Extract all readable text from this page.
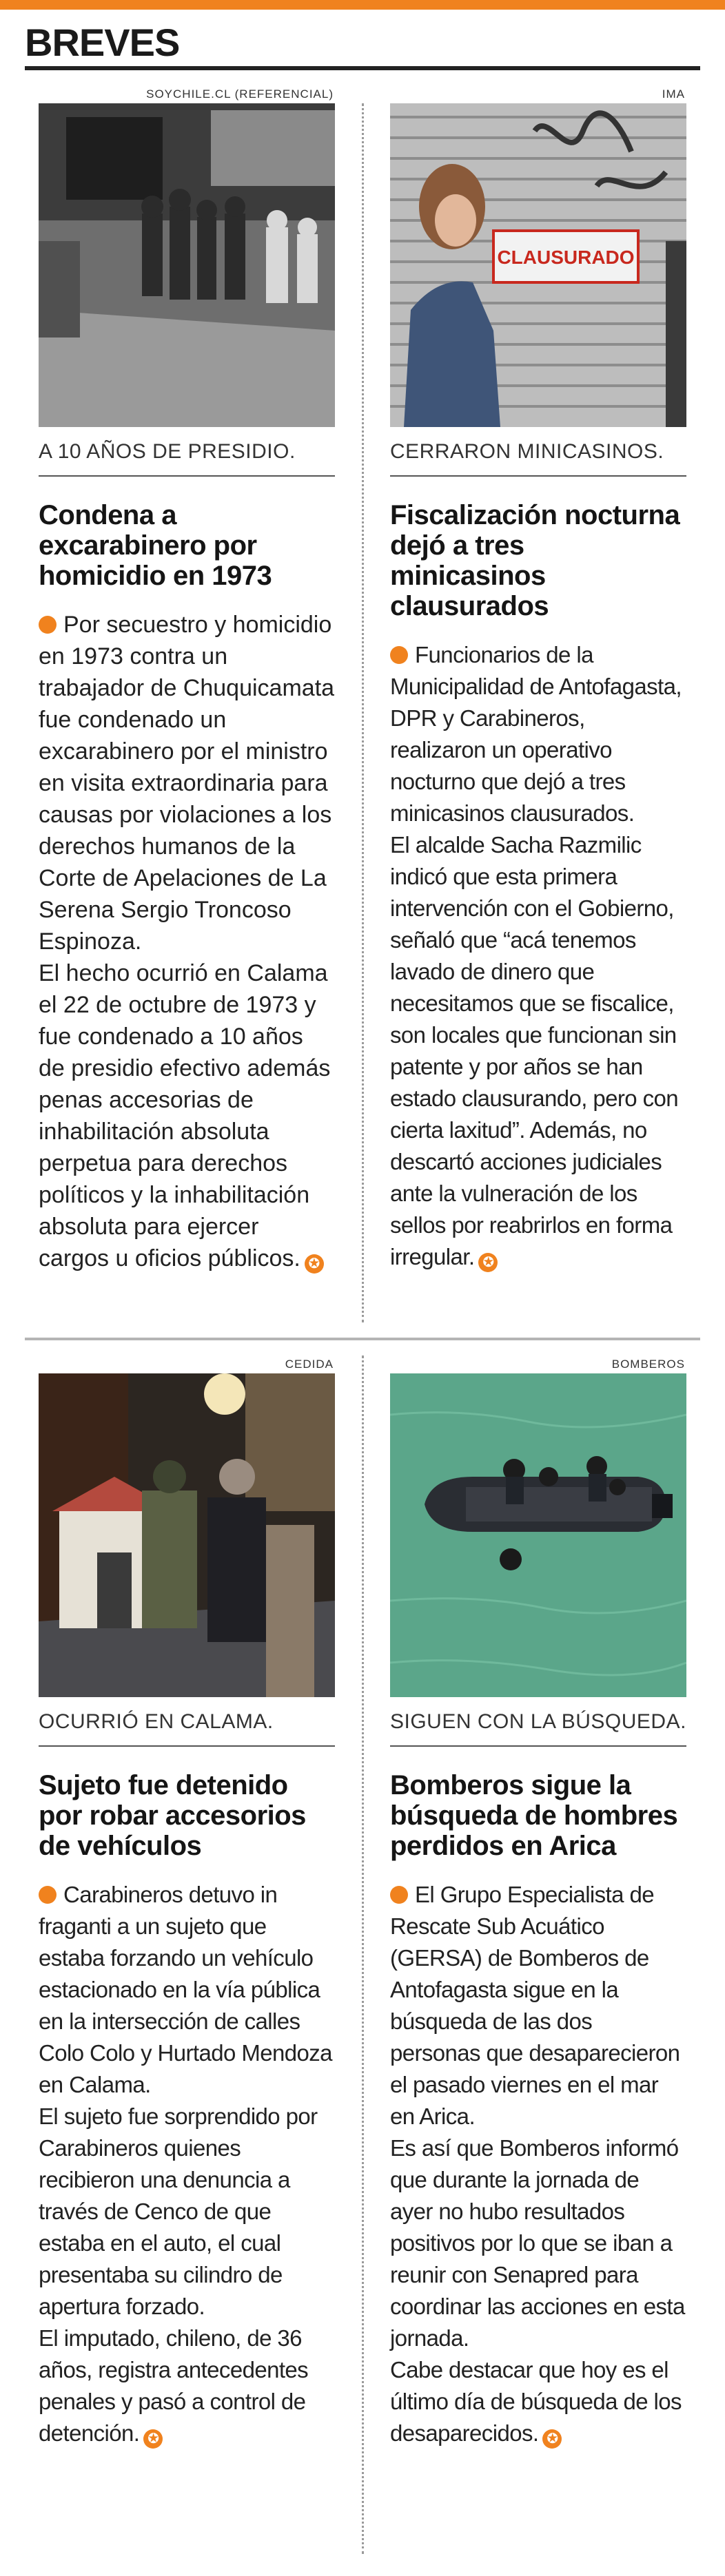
BREVES
SOYCHILE.CL (REFERENCIAL)
A 10 AÑOS DE PRESIDIO.
Condena a excarabinero por homicidio en 1973

Por secuestro y homicidio en 1973 contra un trabajador de Chuquicamata fue condenado un excarabinero por el ministro en visita extraordinaria para causas por violaciones a los derechos humanos de la Corte de Apelaciones de La Serena Sergio Troncoso Espinoza.

El hecho ocurrió en Calama el 22 de octubre de 1973 y fue condenado a 10 años de presidio efectivo además penas accesorias de inhabilitación absoluta perpetua para derechos políticos y la inhabilitación absoluta para ejercer cargos u oficios públicos. ✪

IMA
CLAUSURADO
CERRARON MINICASINOS.
Fiscalización nocturna dejó a tres minicasinos clausurados

Funcionarios de la Municipalidad de Antofagasta, DPR y Carabineros, realizaron un operativo nocturno que dejó a tres minicasinos clausurados.

El alcalde Sacha Razmilic indicó que esta primera intervención con el Gobierno, señaló que “acá tenemos lavado de dinero que necesitamos que se fiscalice, son locales que funcionan sin patente y por años se han estado clausurando, pero con cierta laxitud”. Además, no descartó acciones judiciales ante la vulneración de los sellos por reabrirlos en forma irregular. ✪

CEDIDA
OCURRIÓ EN CALAMA.
Sujeto fue detenido por robar accesorios de vehículos

Carabineros detuvo in fraganti a un sujeto que estaba forzando un vehículo estacionado en la vía pública en la intersección de calles Colo Colo y Hurtado Mendoza en Calama.

El sujeto fue sorprendido por Carabineros quienes recibieron una denuncia a través de Cenco de que estaba en el auto, el cual presentaba su cilindro de apertura forzado.

El imputado, chileno, de 36 años, registra antecedentes penales y pasó a control de detención. ✪

BOMBEROS
SIGUEN CON LA BÚSQUEDA.
Bomberos sigue la búsqueda de hombres perdidos en Arica

El Grupo Especialista de Rescate Sub Acuático (GERSA) de Bomberos de Antofagasta sigue en la búsqueda de las dos personas que desaparecieron el pasado viernes en el mar en Arica.

Es así que Bomberos informó que durante la jornada de ayer no hubo resultados positivos por lo que se iban a reunir con Senapred para coordinar las acciones en esta jornada.

Cabe destacar que hoy es el último día de búsqueda de los desaparecidos. ✪
